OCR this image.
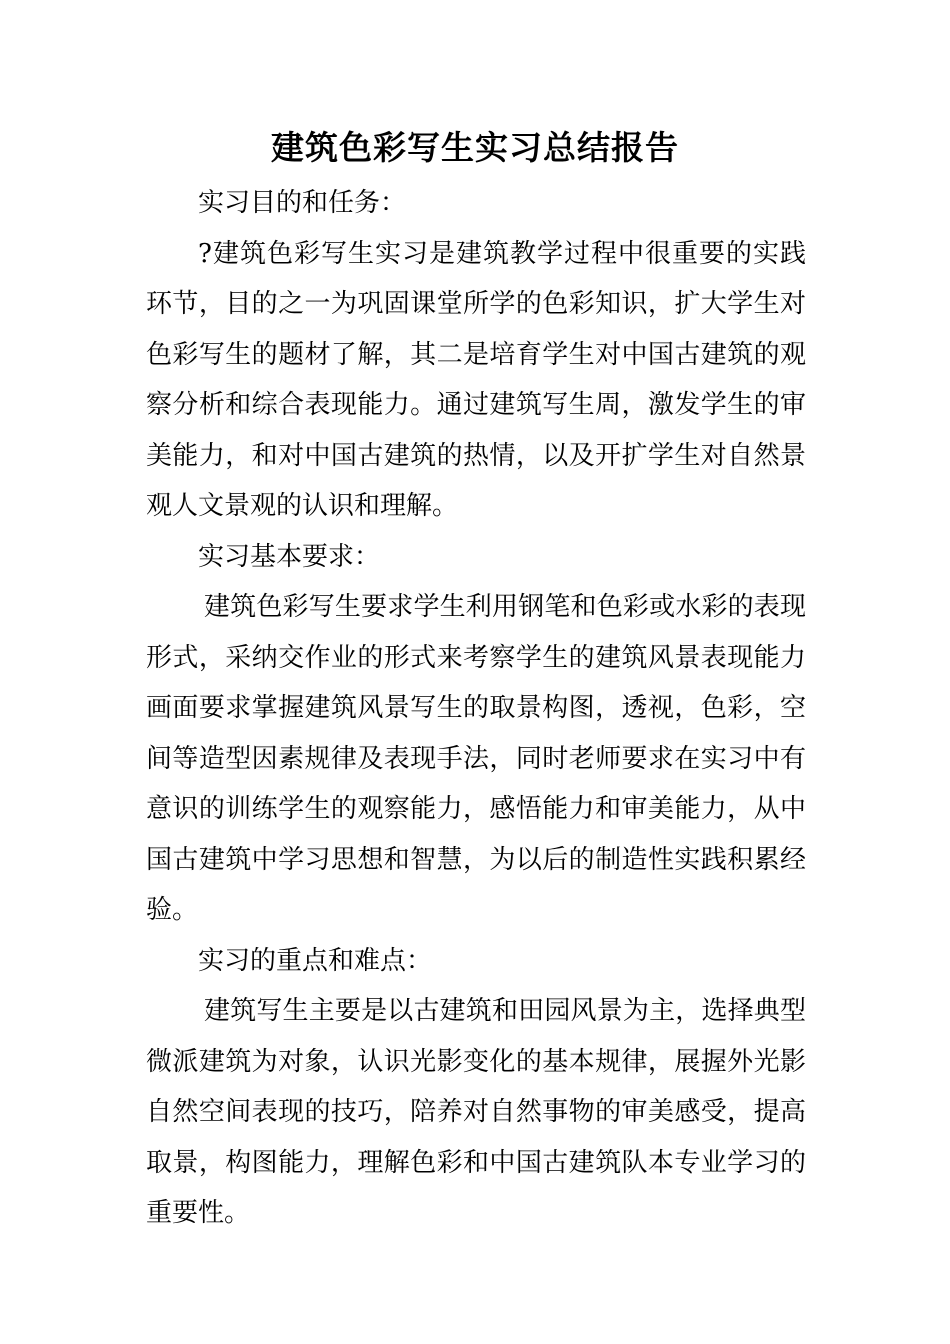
建筑色彩写生实习总结报告

实习目的和任务：

?建筑色彩写生实习是建筑教学过程中很重要的实践环节，目的之一为巩固课堂所学的色彩知识，扩大学生对色彩写生的题材了解，其二是培育学生对中国古建筑的观察分析和综合表现能力。通过建筑写生周，激发学生的审美能力，和对中国古建筑的热情，以及开扩学生对自然景观人文景观的认识和理解。

实习基本要求：

建筑色彩写生要求学生利用钢笔和色彩或水彩的表现形式，采纳交作业的形式来考察学生的建筑风景表现能力画面要求掌握建筑风景写生的取景构图，透视，色彩，空间等造型因素规律及表现手法，同时老师要求在实习中有意识的训练学生的观察能力，感悟能力和审美能力，从中国古建筑中学习思想和智慧，为以后的制造性实践积累经验。

实习的重点和难点：

建筑写生主要是以古建筑和田园风景为主，选择典型微派建筑为对象，认识光影变化的基本规律，展握外光影自然空间表现的技巧，陪养对自然事物的审美感受，提高取景，构图能力，理解色彩和中国古建筑队本专业学习的重要性。
